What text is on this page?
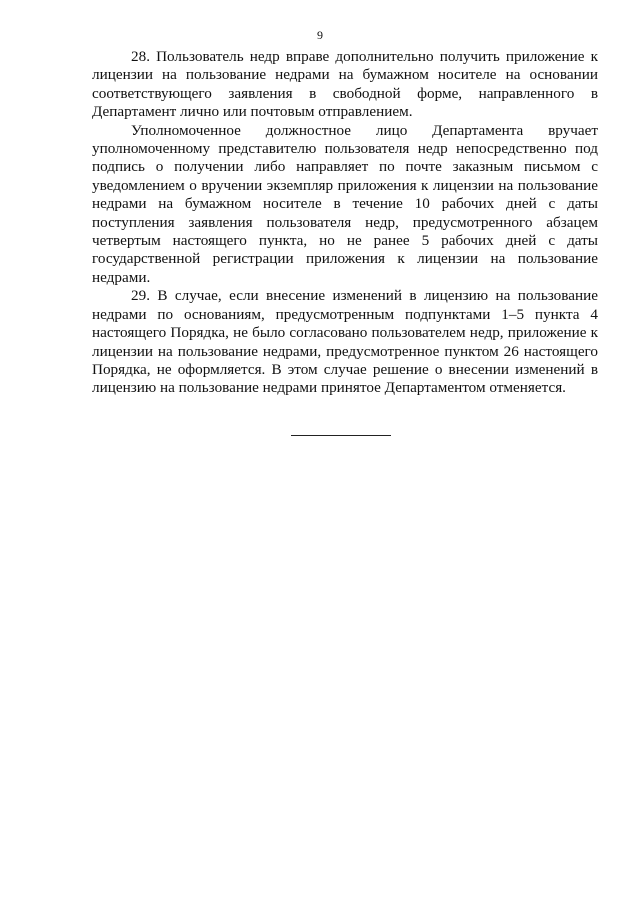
9

28. Пользователь недр вправе дополнительно получить приложение к лицензии на пользование недрами на бумажном носителе на основании соответствующего заявления в свободной форме, направленного в Департамент лично или почтовым отправлением.

Уполномоченное должностное лицо Департамента вручает уполномоченному представителю пользователя недр непосредственно под подпись о получении либо направляет по почте заказным письмом с уведомлением о вручении экземпляр приложения к лицензии на пользование недрами на бумажном носителе в течение 10 рабочих дней с даты поступления заявления пользователя недр, предусмотренного абзацем четвертым настоящего пункта, но не ранее 5 рабочих дней с даты государственной регистрации приложения к лицензии на пользование недрами.

29. В случае, если внесение изменений в лицензию на пользование недрами по основаниям, предусмотренным подпунктами 1–5 пункта 4 настоящего Порядка, не было согласовано пользователем недр, приложение к лицензии на пользование недрами, предусмотренное пунктом 26 настоящего Порядка, не оформляется. В этом случае решение о внесении изменений в лицензию на пользование недрами принятое Департаментом отменяется.
